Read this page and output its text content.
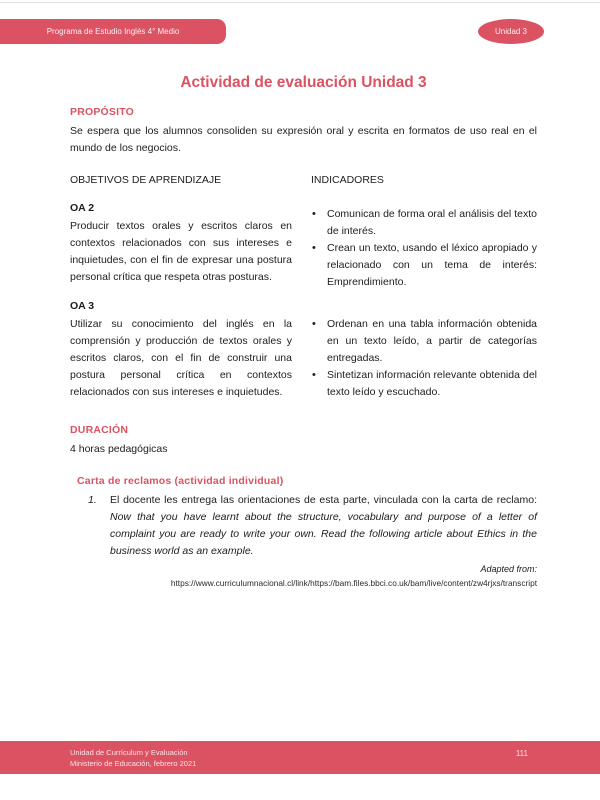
Programa de Estudio Inglés 4° Medio	Unidad 3
Actividad de evaluación Unidad 3
PROPÓSITO

Se espera que los alumnos consoliden su expresión oral y escrita en formatos de uso real en el mundo de los negocios.

OBJETIVOS DE APRENDIZAJE
OA 2

Producir textos orales y escritos claros en contextos relacionados con sus intereses e inquietudes, con el fin de expresar una postura personal crítica que respeta otras posturas.

OA 3

Utilizar su conocimiento del inglés en la comprensión y producción de textos orales y escritos claros, con el fin de construir una postura personal crítica en contextos relacionados con sus intereses e inquietudes.

INDICADORES
• Comunican de forma oral el análisis del texto de interés.
• Crean un texto, usando el léxico apropiado y relacionado con un tema de interés: Emprendimiento.
• Ordenan en una tabla información obtenida en un texto leído, a partir de categorías entregadas.
• Sintetizan información relevante obtenida del texto leído y escuchado.
DURACIÓN

4 horas pedagógicas

Carta de reclamos (actividad individual)
1.	El docente les entrega las orientaciones de esta parte, vinculada con la carta de reclamo: Now that you have learnt about the structure, vocabulary and purpose of a letter of complaint you are ready to write your own. Read the following article about Ethics in the business world as an example.

Adapted from:

https://www.curriculumnacional.cl/link/https://bam.files.bbci.co.uk/bam/live/content/zw4rjxs/transcript

Unidad de Currículum y Evaluación
Ministerio de Educación, febrero 2021
111
